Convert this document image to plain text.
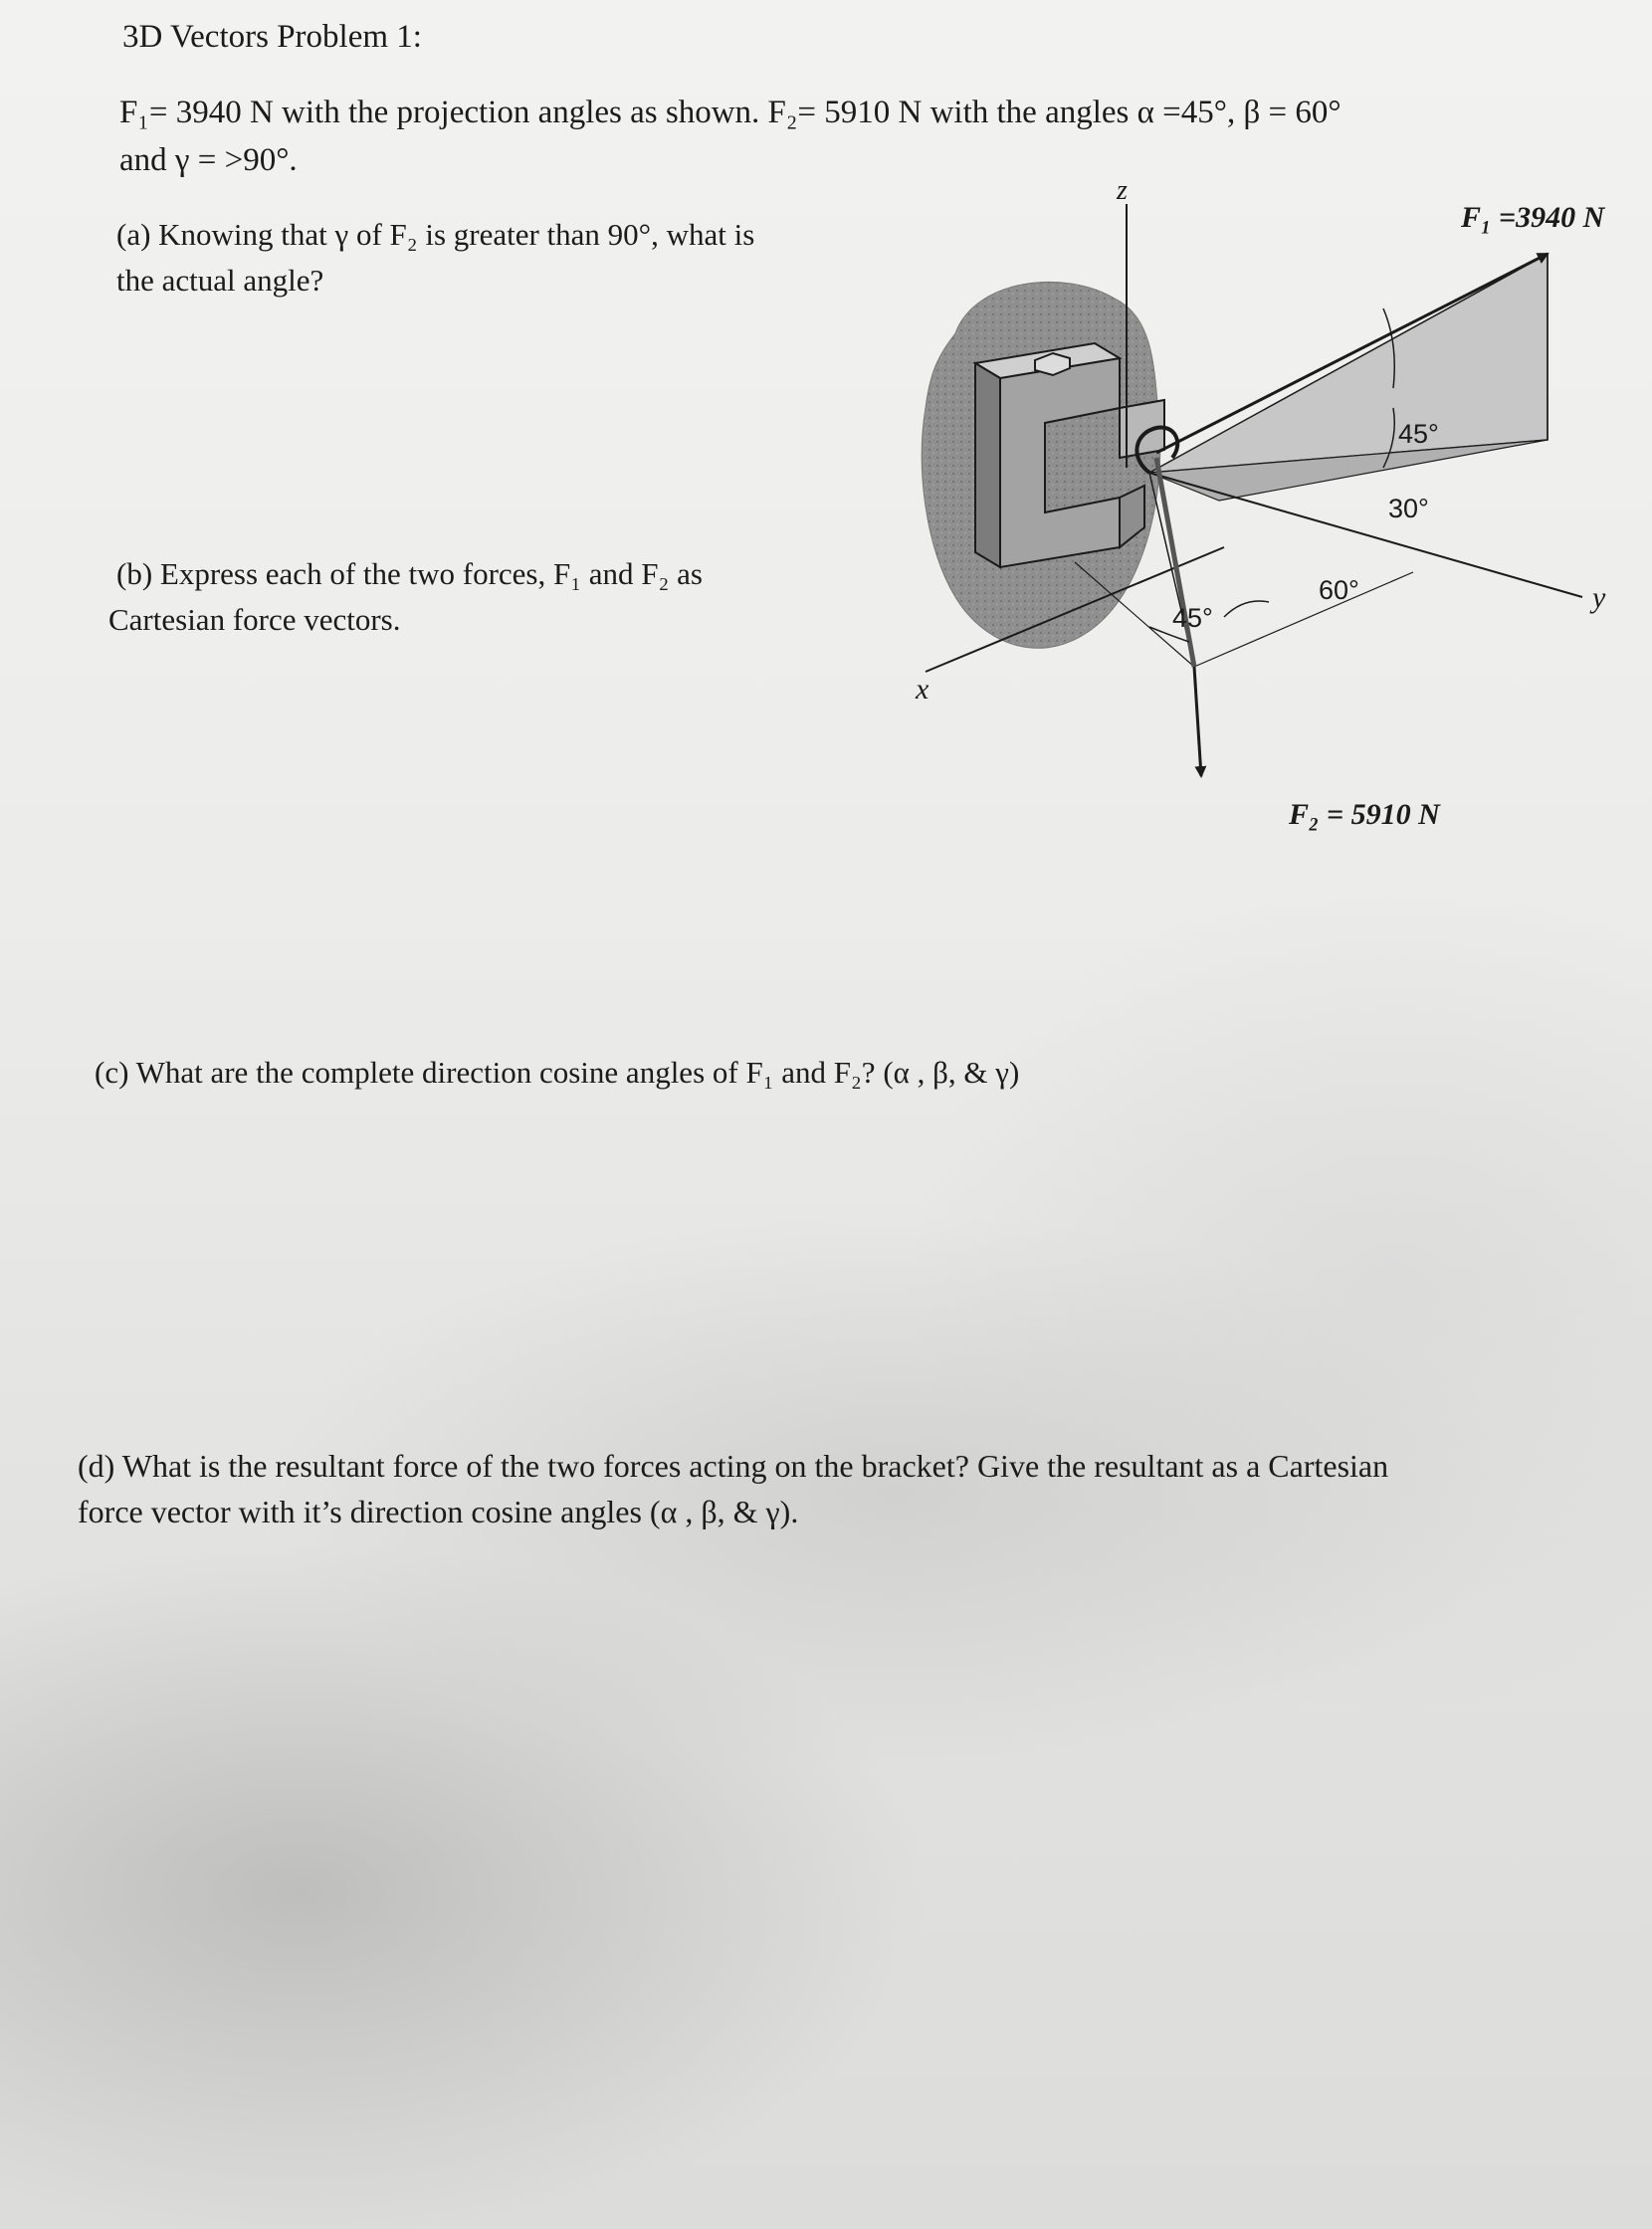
3D Vectors Problem 1:
F₁= 3940 N with the projection angles as shown. F₂= 5910 N with the angles α =45°, β = 60°
and γ = >90°.
(a) Knowing that γ of F₂ is greater than 90°, what is
the actual angle?
(b) Express each of the two forces, F₁ and F₂ as
Cartesian force vectors.
(c) What are the complete direction cosine angles of F₁ and F₂? (α , β, & γ)
(d) What is the resultant force of the two forces acting on the bracket? Give the resultant as a Cartesian
force vector with it’s direction cosine angles (α , β, & γ).
x
z
y
45°
30°
60°
45°
F₁ =3940 N
F₂ = 5910 N
